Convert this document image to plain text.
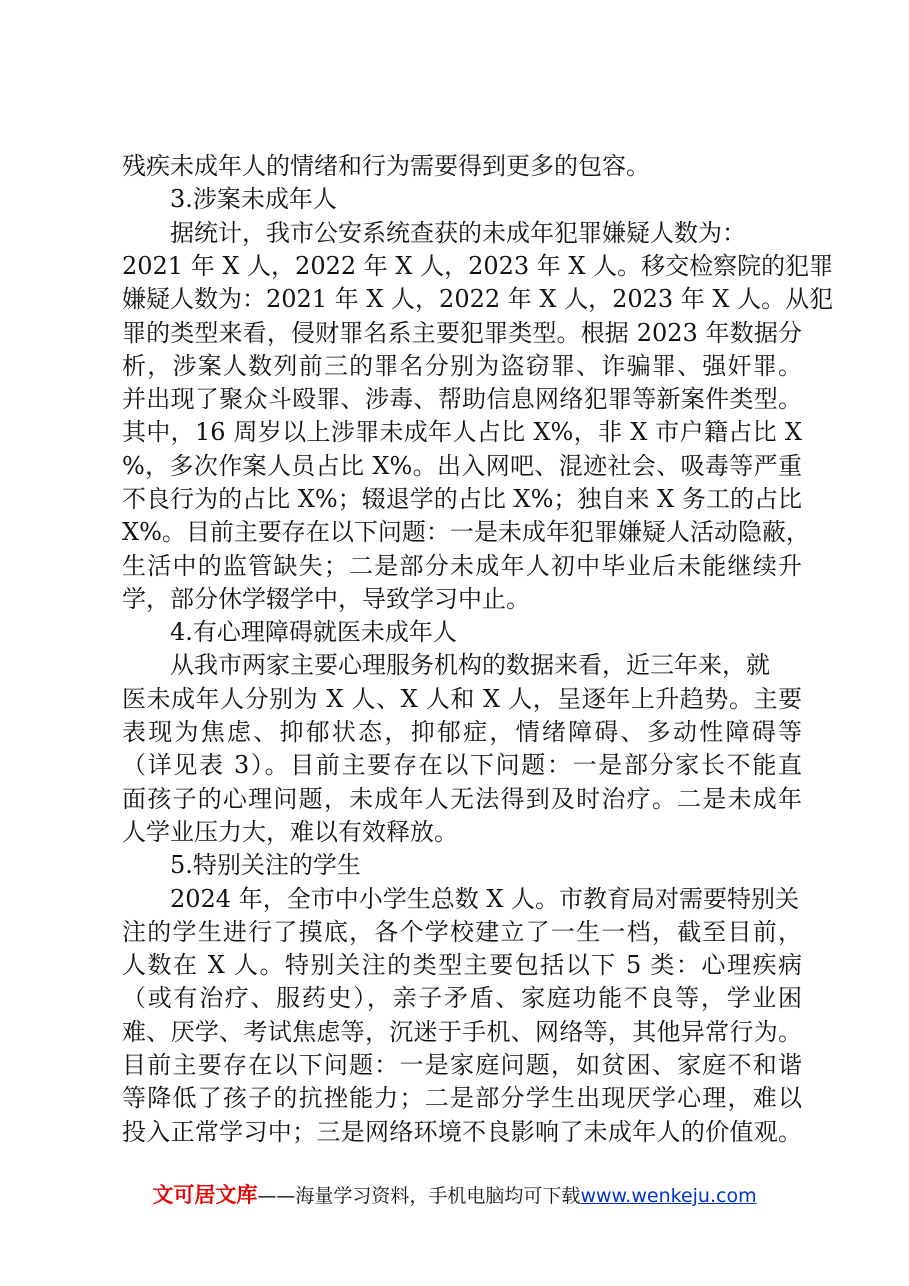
残疾未成年人的情绪和行为需要得到更多的包容。
3.涉案未成年人
据统计，我市公安系统查获的未成年犯罪嫌疑人数为：
2021 年 X 人，2022 年 X 人，2023 年 X 人。移交检察院的犯罪
嫌疑人数为：2021 年 X 人，2022 年 X 人，2023 年 X 人。从犯
罪的类型来看，侵财罪名系主要犯罪类型。根据 2023 年数据分
析，涉案人数列前三的罪名分别为盗窃罪、诈骗罪、强奸罪。
并出现了聚众斗殴罪、涉毒、帮助信息网络犯罪等新案件类型。
其中，16 周岁以上涉罪未成年人占比 X%，非 X 市户籍占比 X
%，多次作案人员占比 X%。出入网吧、混迹社会、吸毒等严重
不良行为的占比 X%；辍退学的占比 X%；独自来 X 务工的占比
X%。目前主要存在以下问题：一是未成年犯罪嫌疑人活动隐蔽，
生活中的监管缺失；二是部分未成年人初中毕业后未能继续升
学，部分休学辍学中，导致学习中止。
4.有心理障碍就医未成年人
从我市两家主要心理服务机构的数据来看，近三年来，就
医未成年人分别为 X 人、X 人和 X 人，呈逐年上升趋势。主要
表现为焦虑、抑郁状态，抑郁症，情绪障碍、多动性障碍等
（详见表 3）。目前主要存在以下问题：一是部分家长不能直
面孩子的心理问题，未成年人无法得到及时治疗。二是未成年
人学业压力大，难以有效释放。
5.特别关注的学生
2024 年，全市中小学生总数 X 人。市教育局对需要特别关
注的学生进行了摸底，各个学校建立了一生一档，截至目前，
人数在 X 人。特别关注的类型主要包括以下 5 类：心理疾病
（或有治疗、服药史），亲子矛盾、家庭功能不良等，学业困
难、厌学、考试焦虑等，沉迷于手机、网络等，其他异常行为。
目前主要存在以下问题：一是家庭问题，如贫困、家庭不和谐
等降低了孩子的抗挫能力；二是部分学生出现厌学心理，难以
投入正常学习中；三是网络环境不良影响了未成年人的价值观。
文可居文库——海量学习资料，手机电脑均可下载www.wenkeju.com
